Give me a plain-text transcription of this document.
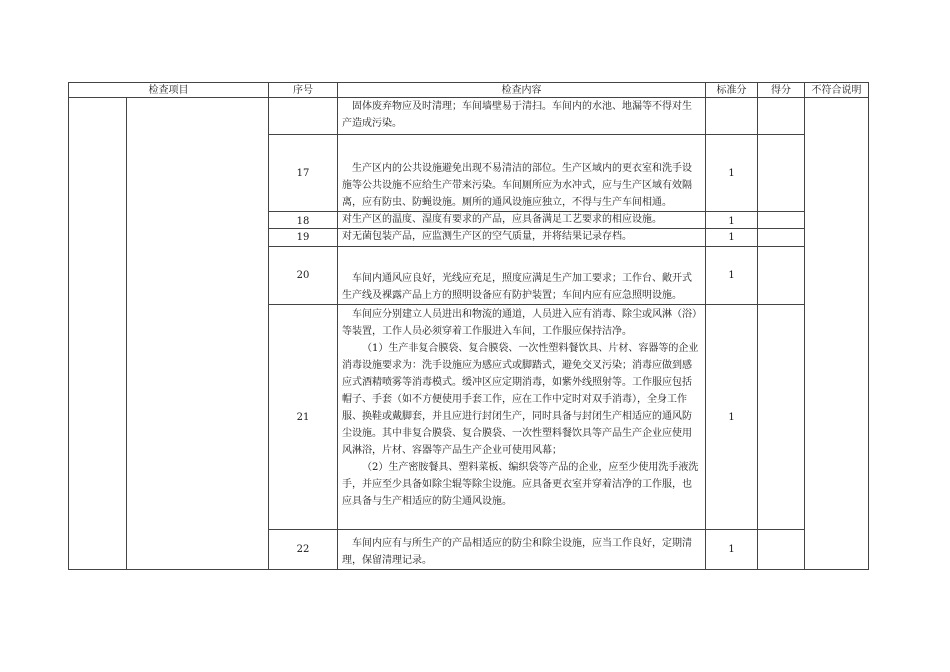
检查项目		序号	检查内容	标准分	得分	不符合说明

			固体废弃物应及时清理；车间墙壁易于清扫。车间内的水池、地漏等不得对生产造成污染。			

		17	生产区内的公共设施避免出现不易清洁的部位。生产区域内的更衣室和洗手设施等公共设施不应给生产带来污染。车间厕所应为水冲式，应与生产区域有效隔离，应有防虫、防蝇设施。厕所的通风设施应独立，不得与生产车间相通。	1		
		18	对生产区的温度、湿度有要求的产品，应具备满足工艺要求的相应设施。	1		
		19	对无菌包装产品，应监测生产区的空气质量，并将结果记录存档。	1		
		20	车间内通风应良好，光线应充足，照度应满足生产加工要求；工作台、敞开式生产线及裸露产品上方的照明设备应有防护装置；车间内应有应急照明设施。	1		
		21	车间应分别建立人员进出和物流的通道，人员进入应有消毒、除尘或风淋（浴）等装置，工作人员必须穿着工作服进入车间，工作服应保持洁净。
（1）生产非复合膜袋、复合膜袋、一次性塑料餐饮具、片材、容器等的企业消毒设施要求为：洗手设施应为感应式或脚踏式，避免交叉污染；消毒应做到感应式酒精喷雾等消毒模式。缓冲区应定期消毒，如紫外线照射等。工作服应包括帽子、手套（如不方便使用手套工作，应在工作中定时对双手消毒），全身工作服、换鞋或戴脚套，并且应进行封闭生产，同时具备与封闭生产相适应的通风防尘设施。其中非复合膜袋、复合膜袋、一次性塑料餐饮具等产品生产企业应使用风淋浴，片材、容器等产品生产企业可使用风幕；
（2）生产密胺餐具、塑料菜板、编织袋等产品的企业，应至少使用洗手液洗手，并应至少具备如除尘辊等除尘设施。应具备更衣室并穿着洁净的工作服，也应具备与生产相适应的防尘通风设施。	1		
		22	车间内应有与所生产的产品相适应的防尘和除尘设施，应当工作良好，定期清理，保留清理记录。	1		
